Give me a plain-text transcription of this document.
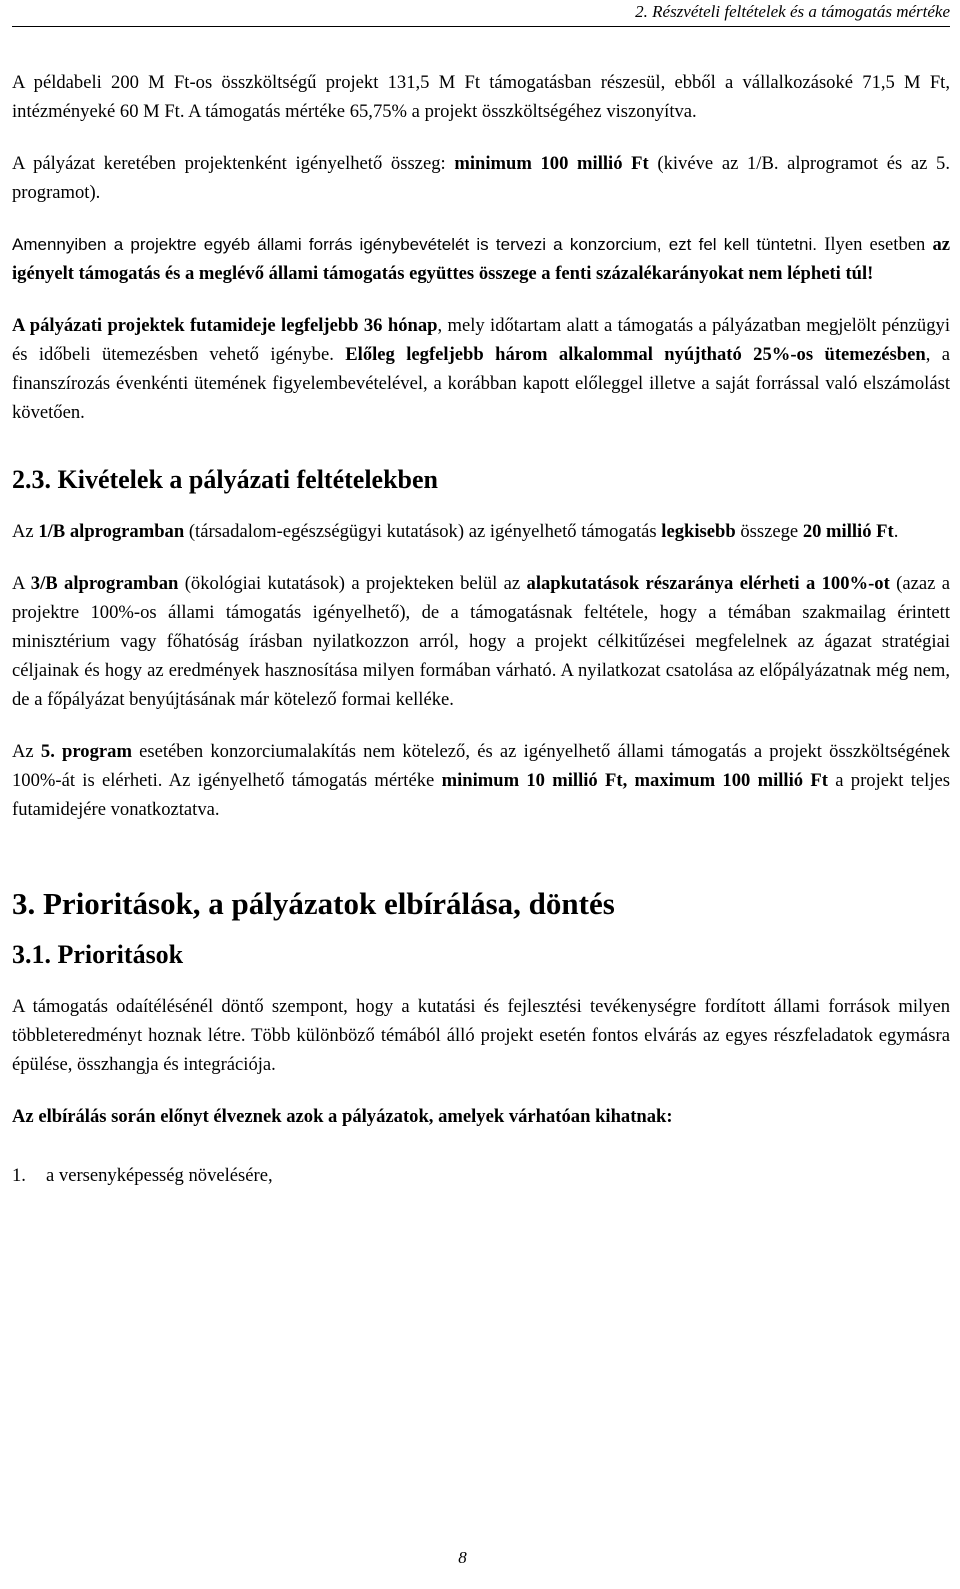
2. Részvételi feltételek és a támogatás mértéke

A példabeli 200 M Ft-os összköltségű projekt 131,5 M Ft támogatásban részesül, ebből a vállalkozásoké 71,5 M Ft, intézményeké 60 M Ft. A támogatás mértéke 65,75% a projekt összköltségéhez viszonyítva.

A pályázat keretében projektenként igényelhető összeg: minimum 100 millió Ft (kivéve az 1/B. alprogramot és az 5. programot).

Amennyiben a projektre egyéb állami forrás igénybevételét is tervezi a konzorcium, ezt fel kell tüntetni. Ilyen esetben az igényelt támogatás és a meglévő állami támogatás együttes összege a fenti százalékarányokat nem lépheti túl!

A pályázati projektek futamideje legfeljebb 36 hónap, mely időtartam alatt a támogatás a pályázatban megjelölt pénzügyi és időbeli ütemezésben vehető igénybe. Előleg legfeljebb három alkalommal nyújtható 25%-os ütemezésben, a finanszírozás évenkénti ütemének figyelembevételével, a korábban kapott előleggel illetve a saját forrással való elszámolást követően.

2.3. Kivételek a pályázati feltételekben

Az 1/B alprogramban (társadalom-egészségügyi kutatások) az igényelhető támogatás legkisebb összege 20 millió Ft.

A 3/B alprogramban (ökológiai kutatások) a projekteken belül az alapkutatások részaránya elérheti a 100%-ot (azaz a projektre 100%-os állami támogatás igényelhető), de a támogatásnak feltétele, hogy a témában szakmailag érintett minisztérium vagy főhatóság írásban nyilatkozzon arról, hogy a projekt célkitűzései megfelelnek az ágazat stratégiai céljainak és hogy az eredmények hasznosítása milyen formában várható. A nyilatkozat csatolása az előpályázatnak még nem, de a főpályázat benyújtásának már kötelező formai kelléke.

Az 5. program esetében konzorciumalakítás nem kötelező, és az igényelhető állami támogatás a projekt összköltségének 100%-át is elérheti. Az igényelhető támogatás mértéke minimum 10 millió Ft, maximum 100 millió Ft a projekt teljes futamidejére vonatkoztatva.

3. Prioritások, a pályázatok elbírálása, döntés
3.1. Prioritások

A támogatás odaítélésénél döntő szempont, hogy a kutatási és fejlesztési tevékenységre fordított állami források milyen többleteredményt hoznak létre. Több különböző témából álló projekt esetén fontos elvárás az egyes részfeladatok egymásra épülése, összhangja és integrációja.

Az elbírálás során előnyt élveznek azok a pályázatok, amelyek várhatóan kihatnak:

1. a versenyképesség növelésére,
8
